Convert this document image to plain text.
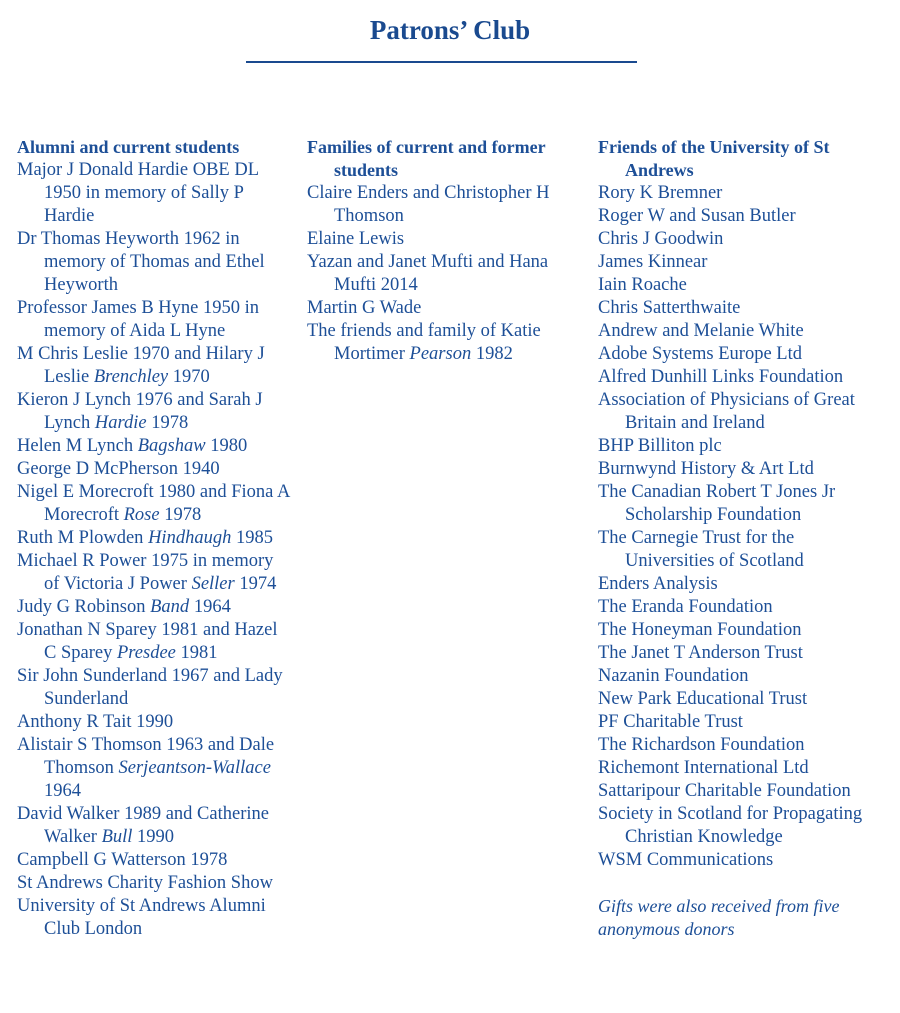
Patrons’ Club

Alumni and current students

Major J Donald Hardie OBE DL 1950 in memory of Sally P Hardie

Dr Thomas Heyworth 1962 in memory of Thomas and Ethel Heyworth

Professor James B Hyne 1950 in memory of Aida L Hyne

M Chris Leslie 1970 and Hilary J Leslie Brenchley 1970

Kieron J Lynch 1976 and Sarah J Lynch Hardie 1978

Helen M Lynch Bagshaw 1980

George D McPherson 1940

Nigel E Morecroft 1980 and Fiona A Morecroft Rose 1978

Ruth M Plowden Hindhaugh 1985

Michael R Power 1975 in memory of Victoria J Power Seller 1974

Judy G Robinson Band 1964

Jonathan N Sparey 1981 and Hazel C Sparey Presdee 1981

Sir John Sunderland 1967 and Lady Sunderland

Anthony R Tait 1990

Alistair S Thomson 1963 and Dale Thomson Serjeantson-Wallace 1964

David Walker 1989 and Catherine Walker Bull 1990

Campbell G Watterson 1978

St Andrews Charity Fashion Show

University of St Andrews Alumni Club London

Families of current and former students

Claire Enders and Christopher H Thomson

Elaine Lewis

Yazan and Janet Mufti and Hana Mufti 2014

Martin G Wade

The friends and family of Katie Mortimer Pearson 1982

Friends of the University of St Andrews

Rory K Bremner

Roger W and Susan Butler

Chris J Goodwin

James Kinnear

Iain Roache

Chris Satterthwaite

Andrew and Melanie White

Adobe Systems Europe Ltd

Alfred Dunhill Links Foundation

Association of Physicians of Great Britain and Ireland

BHP Billiton plc

Burnwynd History & Art Ltd

The Canadian Robert T Jones Jr Scholarship Foundation

The Carnegie Trust for the Universities of Scotland

Enders Analysis

The Eranda Foundation

The Honeyman Foundation

The Janet T Anderson Trust

Nazanin Foundation

New Park Educational Trust

PF Charitable Trust

The Richardson Foundation

Richemont International Ltd

Sattaripour Charitable Foundation

Society in Scotland for Propagating Christian Knowledge

WSM Communications

Gifts were also received from five anonymous donors
